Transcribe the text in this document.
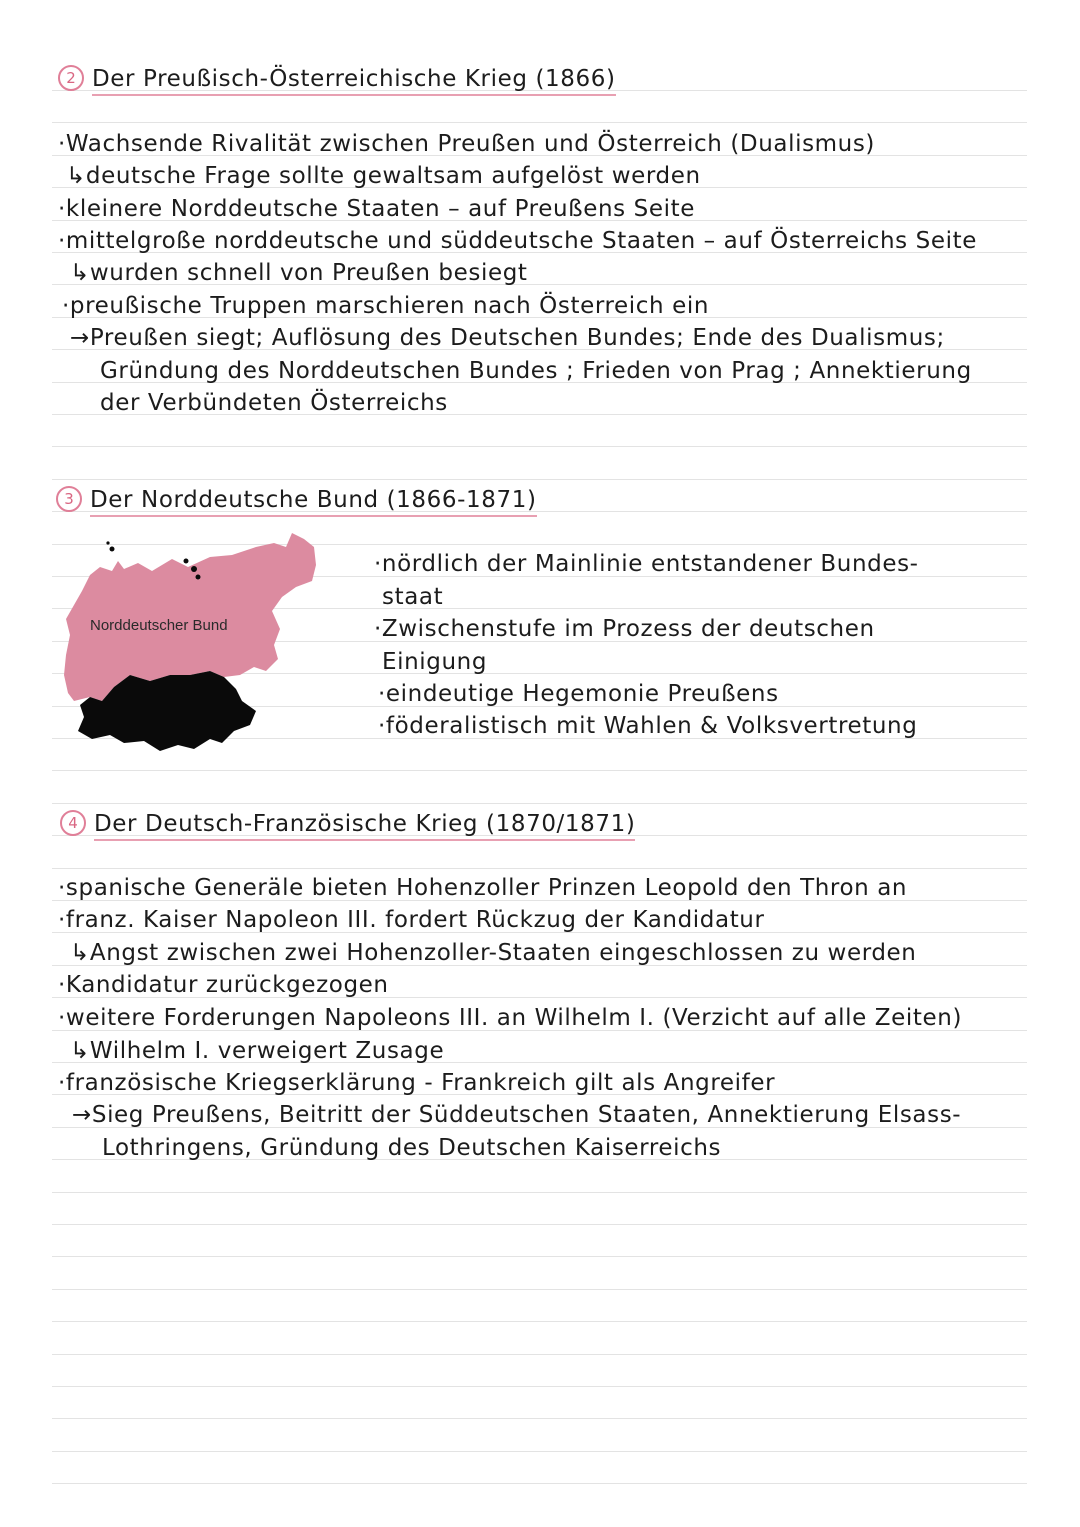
2 Der Preußisch-Österreichische Krieg (1866)
·Wachsende Rivalität zwischen Preußen und Österreich (Dualismus)
↳deutsche Frage sollte gewaltsam aufgelöst werden
·kleinere Norddeutsche Staaten – auf Preußens Seite
·mittelgroße norddeutsche und süddeutsche Staaten – auf Österreichs Seite
↳wurden schnell von Preußen besiegt
·preußische Truppen marschieren nach Österreich ein
→Preußen siegt; Auflösung des Deutschen Bundes; Ende des Dualismus;
Gründung des Norddeutschen Bundes ; Frieden von Prag ; Annektierung
der Verbündeten Österreichs
3 Der Norddeutsche Bund (1866-1871)
Norddeutscher Bund
·nördlich der Mainlinie entstandener Bundes-
staat
·Zwischenstufe im Prozess der deutschen
Einigung
·eindeutige Hegemonie Preußens
·föderalistisch mit Wahlen & Volksvertretung
4 Der Deutsch-Französische Krieg (1870/1871)
·spanische Generäle bieten Hohenzoller Prinzen Leopold den Thron an
·franz. Kaiser Napoleon III. fordert Rückzug der Kandidatur
↳Angst zwischen zwei Hohenzoller-Staaten eingeschlossen zu werden
·Kandidatur zurückgezogen
·weitere Forderungen Napoleons III. an Wilhelm I. (Verzicht auf alle Zeiten)
↳Wilhelm I. verweigert Zusage
·französische Kriegserklärung - Frankreich gilt als Angreifer
→Sieg Preußens, Beitritt der Süddeutschen Staaten, Annektierung Elsass-
Lothringens, Gründung des Deutschen Kaiserreichs
